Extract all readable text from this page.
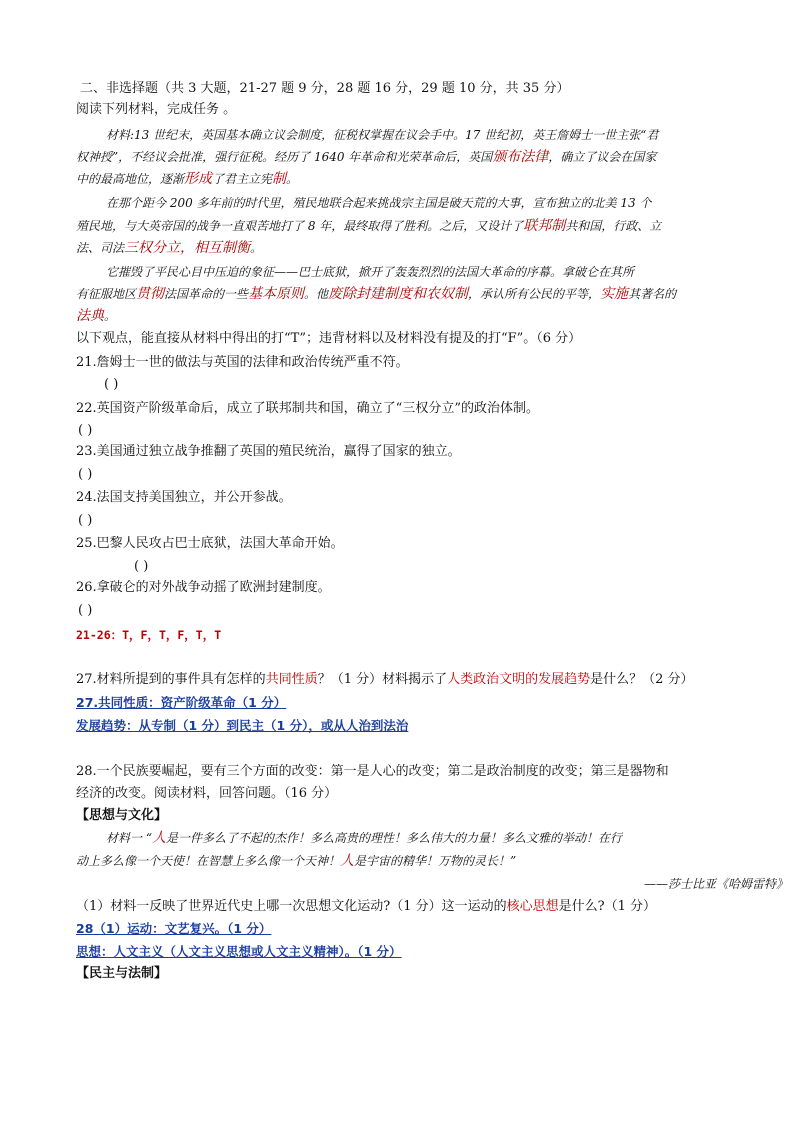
二、非选择题（共 3 大题，21-27 题 9 分，28 题 16 分，29 题 10 分，共 35 分）
阅读下列材料，完成任务 。
材料:13 世纪末，英国基本确立议会制度，征税权掌握在议会手中。17 世纪初，英王詹姆士一世主张“君
权神授”，不经议会批准，强行征税。经历了 1640 年革命和光荣革命后，英国颁布法律，确立了议会在国家
中的最高地位，逐渐形成了君主立宪制。
在那个距今 200 多年前的时代里，殖民地联合起来挑战宗主国是破天荒的大事，宣布独立的北美 13 个
殖民地，与大英帝国的战争一直艰苦地打了 8 年，最终取得了胜利。之后，又设计了联邦制共和国，行政、立
法、司法三权分立，相互制衡。
它摧毁了平民心目中压迫的象征——巴士底狱，掀开了轰轰烈烈的法国大革命的序幕。拿破仑在其所
有征服地区贯彻法国革命的一些基本原则。他废除封建制度和农奴制，承认所有公民的平等，实施其著名的
法典。
以下观点，能直接从材料中得出的打“T”；违背材料以及材料没有提及的打“F”。（6 分）
21.詹姆士一世的做法与英国的法律和政治传统严重不符。
( )
22.英国资产阶级革命后，成立了联邦制共和国，确立了“三权分立”的政治体制。
( )
23.美国通过独立战争推翻了英国的殖民统治，赢得了国家的独立。
( )
24.法国支持美国独立，并公开参战。
( )
25.巴黎人民攻占巴士底狱，法国大革命开始。
( )
26.拿破仑的对外战争动摇了欧洲封建制度。
( )
21-26：T，F，T，F，T，T
27.材料所提到的事件具有怎样的共同性质？（1 分）材料揭示了人类政治文明的发展趋势是什么？（2 分）
27.共同性质：资产阶级革命（1 分）
发展趋势：从专制（1 分）到民主（1 分），或从人治到法治
28.一个民族要崛起，要有三个方面的改变：第一是人心的改变；第二是政治制度的改变；第三是器物和
经济的改变。阅读材料，回答问题。（16 分）
【思想与文化】
材料一 “人是一件多么了不起的杰作！多么高贵的理性！多么伟大的力量！多么文雅的举动！在行
动上多么像一个天使！在智慧上多么像一个天神！人是宇宙的精华！万物的灵长！”
——莎士比亚《哈姆雷特》
（1）材料一反映了世界近代史上哪一次思想文化运动?（1 分）这一运动的核心思想是什么?（1 分）
28（1）运动：文艺复兴。（1 分）
思想：人文主义（人文主义思想或人文主义精神）。（1 分）
【民主与法制】
